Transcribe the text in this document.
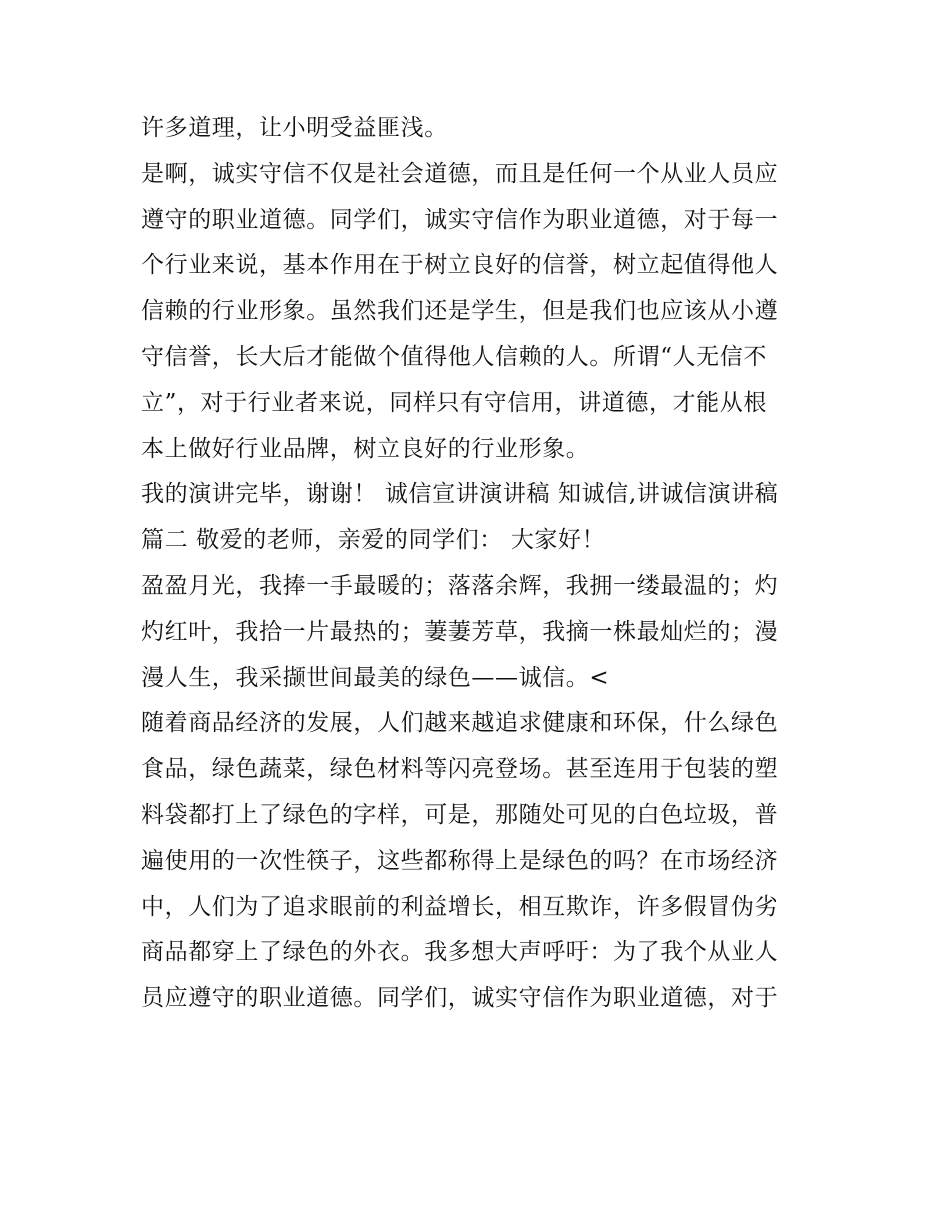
许多道理，让小明受益匪浅。
是啊，诚实守信不仅是社会道德，而且是任何一个从业人员应
遵守的职业道德。同学们，诚实守信作为职业道德，对于每一
个行业来说，基本作用在于树立良好的信誉，树立起值得他人
信赖的行业形象。虽然我们还是学生，但是我们也应该从小遵
守信誉，长大后才能做个值得他人信赖的人。所谓“人无信不
立”，对于行业者来说，同样只有守信用，讲道德，才能从根
本上做好行业品牌，树立良好的行业形象。
我的演讲完毕，谢谢！ 诚信宣讲演讲稿 知诚信,讲诚信演讲稿
篇二 敬爱的老师，亲爱的同学们： 大家好！
盈盈月光，我捧一手最暖的；落落余辉，我拥一缕最温的；灼
灼红叶，我拾一片最热的；萋萋芳草，我摘一株最灿烂的；漫
漫人生，我采撷世间最美的绿色——诚信。<
随着商品经济的发展，人们越来越追求健康和环保，什么绿色
食品，绿色蔬菜，绿色材料等闪亮登场。甚至连用于包装的塑
料袋都打上了绿色的字样，可是，那随处可见的白色垃圾，普
遍使用的一次性筷子，这些都称得上是绿色的吗？在市场经济
中，人们为了追求眼前的利益增长，相互欺诈，许多假冒伪劣
商品都穿上了绿色的外衣。我多想大声呼吁：为了我个从业人
员应遵守的职业道德。同学们，诚实守信作为职业道德，对于
